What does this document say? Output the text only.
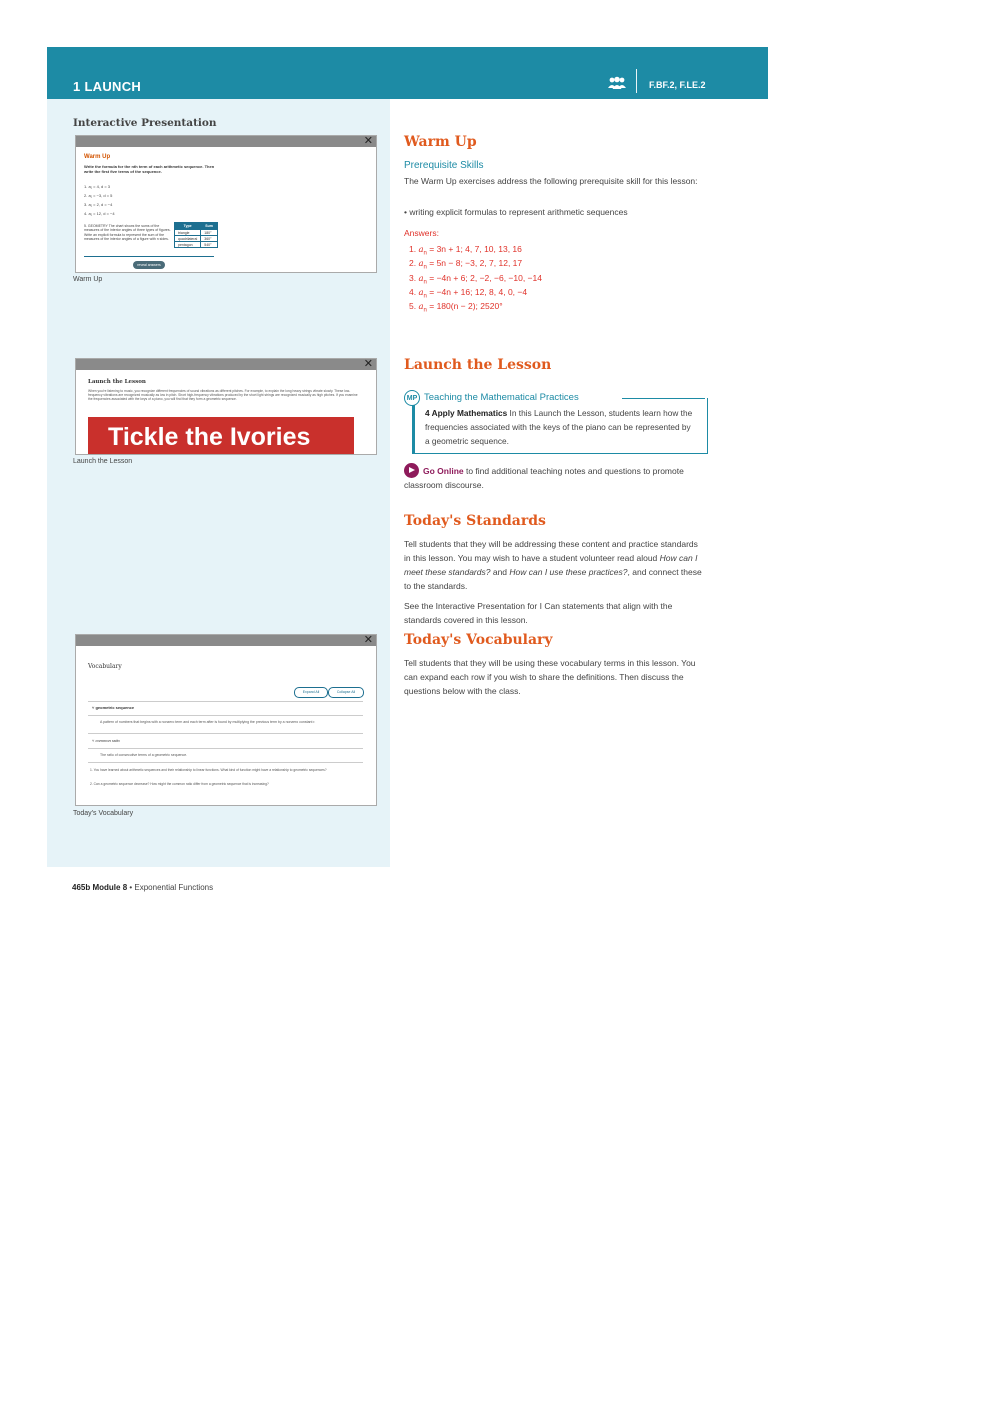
1 LAUNCH	F.BF.2, F.LE.2
Interactive Presentation
✕
Warm Up
Write the formula for the nth term of each arithmetic sequence. Then write the first five terms of the sequence.
1. a₁ = 4, d = 3
2. a₁ = −3, d = 5
3. a₁ = 2, d = −4
4. a₁ = 12, d = −4
5. GEOMETRY The chart shows the sums of the measures of the interior angles of three types of figures. Write an explicit formula to represent the sum of the measures of the interior angles of a figure with n sides.
Type	Sum
triangle	180°
quadrilateral	360°
pentagon	540°
reveal answers
Warm Up
✕
Launch the Lesson
When you're listening to music, you recognize different frequencies of sound vibrations as different pitches. For example, to explain the long heavy strings vibrate slowly. These low-frequency vibrations are recognized musically as low in pitch. Short high-frequency vibrations produced by the short light strings are recognized musically as high pitches. If you examine the frequencies associated with the keys of a piano, you will find that they form a geometric sequence.
Tickle the Ivories
Launch the Lesson
✕
Vocabulary
Expand All	Collapse All
˅ geometric sequence
A pattern of numbers that begins with a nonzero term and each term after is found by multiplying the previous term by a nonzero constant r.
˅ common ratio
The ratio of consecutive terms of a geometric sequence.
1. You have learned about arithmetic sequences and their relationship to linear functions. What kind of function might have a relationship to geometric sequences?
2. Can a geometric sequence decrease? How might the common ratio differ from a geometric sequence that is increasing?
Today's Vocabulary
Warm Up
Prerequisite Skills
The Warm Up exercises address the following prerequisite skill for this lesson:
• writing explicit formulas to represent arithmetic sequences
Answers:
1. $a_n = 3n + 1$; 4, 7, 10, 13, 16
2. $a_n = 5n - 8$; −3, 2, 7, 12, 17
3. $a_n = -4n + 6$; 2, −2, −6, −10, −14
4. $a_n = -4n + 16$; 12, 8, 4, 0, −4
5. $a_n = 180(n - 2)$; 2520°
Launch the Lesson
MP Teaching the Mathematical Practices
4 Apply Mathematics In this Launch the Lesson, students learn how the frequencies associated with the keys of the piano can be represented by a geometric sequence.
Go Online to find additional teaching notes and questions to promote classroom discourse.
Today's Standards
Tell students that they will be addressing these content and practice standards in this lesson. You may wish to have a student volunteer read aloud How can I meet these standards? and How can I use these practices?, and connect these to the standards.
See the Interactive Presentation for I Can statements that align with the standards covered in this lesson.
Today's Vocabulary
Tell students that they will be using these vocabulary terms in this lesson. You can expand each row if you wish to share the definitions. Then discuss the questions below with the class.
465b Module 8 • Exponential Functions
